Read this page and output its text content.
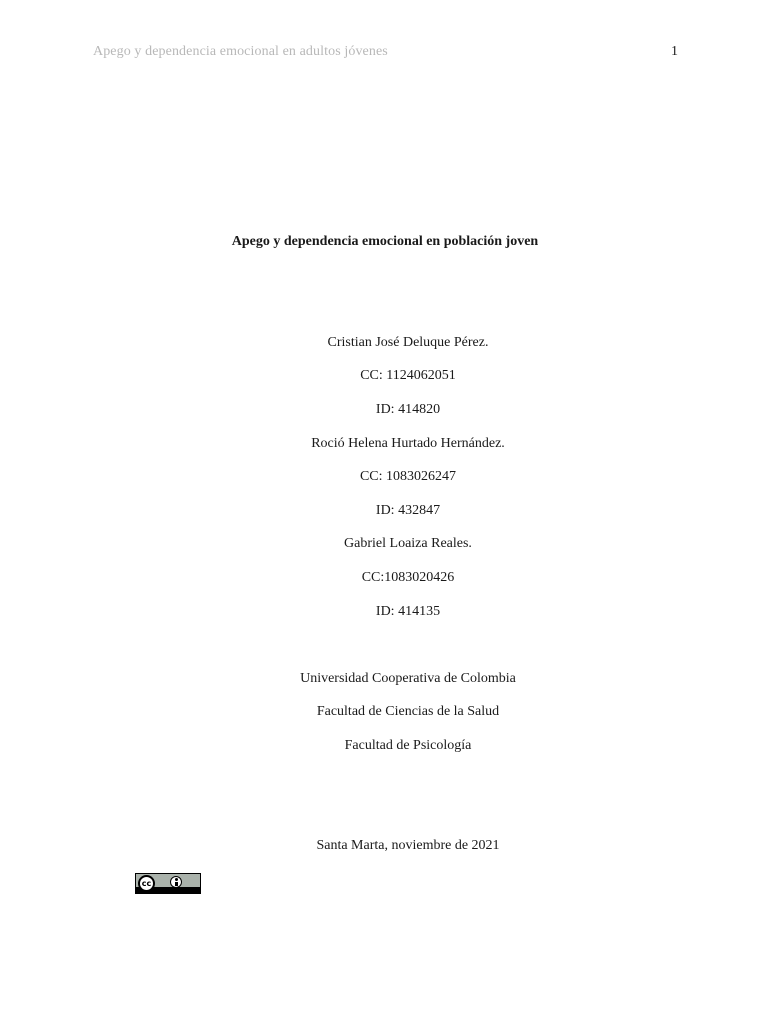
Apego y dependencia emocional en adultos jóvenes	1
Apego y dependencia emocional en población joven
Cristian José Deluque Pérez.
CC: 1124062051
ID: 414820
Roció Helena Hurtado Hernández.
CC: 1083026247
ID: 432847
Gabriel Loaiza Reales.
CC:1083020426
ID: 414135
Universidad Cooperativa de Colombia
Facultad de Ciencias de la Salud
Facultad de Psicología
Santa Marta, noviembre de 2021
cc
